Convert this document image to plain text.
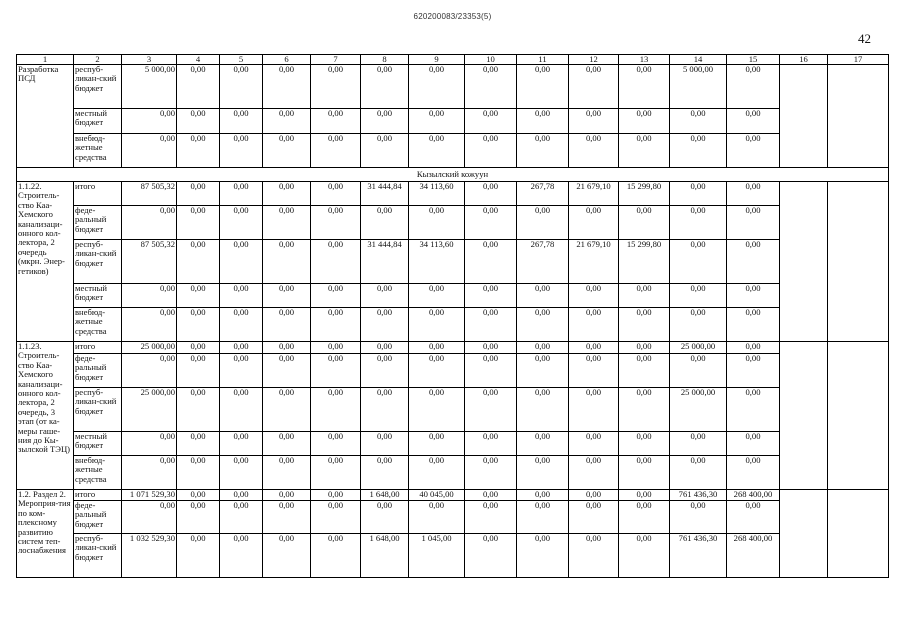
620200083/23353(5)
42
1	2	3	4	5	6	7	8	9	10	11	12	13	14	15	16	17
Разработка ПСД	респуб-ликан-ский бюджет	5 000,00	0,00	0,00	0,00	0,00	0,00	0,00	0,00	0,00	0,00	0,00	5 000,00	0,00		
	местный бюджет	0,00	0,00	0,00	0,00	0,00	0,00	0,00	0,00	0,00	0,00	0,00	0,00	0,00		
	внебюд-жетные средства	0,00	0,00	0,00	0,00	0,00	0,00	0,00	0,00	0,00	0,00	0,00	0,00	0,00		
Кызылский кожуун																
1.1.22. Строитель-ство Каа-Хемского канализаци-онного кол-лектора, 2 очередь (мкрн. Энер-гетиков)	итого	87 505,32	0,00	0,00	0,00	0,00	31 444,84	34 113,60	0,00	267,78	21 679,10	15 299,80	0,00	0,00		
	феде-ральный бюджет	0,00	0,00	0,00	0,00	0,00	0,00	0,00	0,00	0,00	0,00	0,00	0,00	0,00		
	респуб-ликан-ский бюджет	87 505,32	0,00	0,00	0,00	0,00	31 444,84	34 113,60	0,00	267,78	21 679,10	15 299,80	0,00	0,00		
	местный бюджет	0,00	0,00	0,00	0,00	0,00	0,00	0,00	0,00	0,00	0,00	0,00	0,00	0,00		
	внебюд-жетные средства	0,00	0,00	0,00	0,00	0,00	0,00	0,00	0,00	0,00	0,00	0,00	0,00	0,00		
1.1.23. Строитель-ство Каа-Хемского канализаци-онного кол-лектора, 2 очередь, 3 этап (от ка-меры гаше-ния до Кы-зылской ТЭЦ)	итого	25 000,00	0,00	0,00	0,00	0,00	0,00	0,00	0,00	0,00	0,00	0,00	25 000,00	0,00		
	феде-ральный бюджет	0,00	0,00	0,00	0,00	0,00	0,00	0,00	0,00	0,00	0,00	0,00	0,00	0,00		
	респуб-ликан-ский бюджет	25 000,00	0,00	0,00	0,00	0,00	0,00	0,00	0,00	0,00	0,00	0,00	25 000,00	0,00		
	местный бюджет	0,00	0,00	0,00	0,00	0,00	0,00	0,00	0,00	0,00	0,00	0,00	0,00	0,00		
	внебюд-жетные средства	0,00	0,00	0,00	0,00	0,00	0,00	0,00	0,00	0,00	0,00	0,00	0,00	0,00		
1.2. Раздел 2. Мероприя-тия по ком-плексному развитию систем теп-лоснабжения	итого	1 071 529,30	0,00	0,00	0,00	0,00	1 648,00	40 045,00	0,00	0,00	0,00	0,00	761 436,30	268 400,00		
	феде-ральный бюджет	0,00	0,00	0,00	0,00	0,00	0,00	0,00	0,00	0,00	0,00	0,00	0,00	0,00		
	респуб-ликан-ский бюджет	1 032 529,30	0,00	0,00	0,00	0,00	1 648,00	1 045,00	0,00	0,00	0,00	0,00	761 436,30	268 400,00		
